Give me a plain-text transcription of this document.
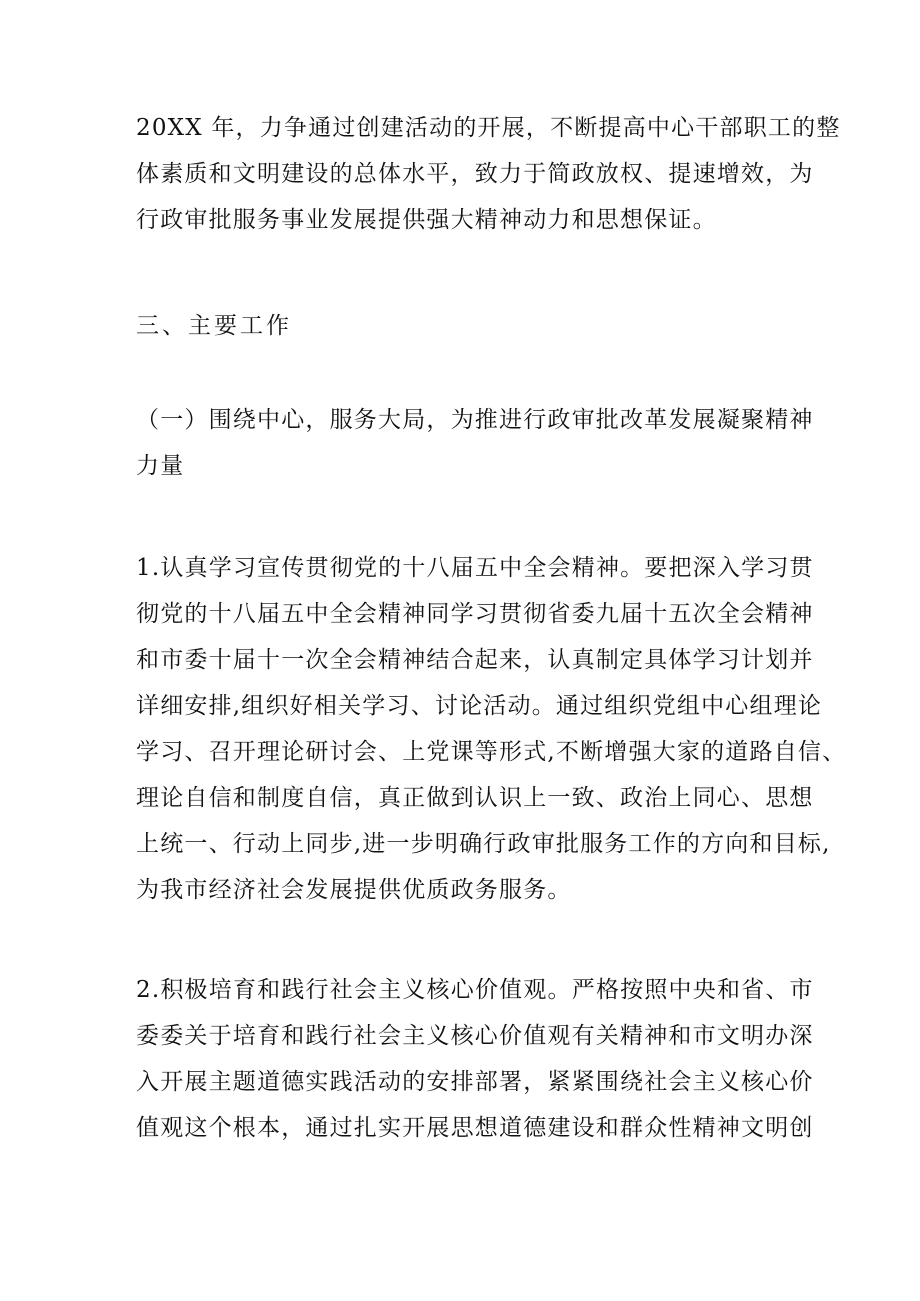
20XX 年，力争通过创建活动的开展，不断提高中心干部职工的整
体素质和文明建设的总体水平，致力于简政放权、提速增效，为
行政审批服务事业发展提供强大精神动力和思想保证。

三、主要工作

（一）围绕中心，服务大局，为推进行政审批改革发展凝聚精神
力量

1.认真学习宣传贯彻党的十八届五中全会精神。要把深入学习贯
彻党的十八届五中全会精神同学习贯彻省委九届十五次全会精神
和市委十届十一次全会精神结合起来，认真制定具体学习计划并
详细安排,组织好相关学习、讨论活动。通过组织党组中心组理论
学习、召开理论研讨会、上党课等形式,不断增强大家的道路自信、
理论自信和制度自信，真正做到认识上一致、政治上同心、思想
上统一、行动上同步,进一步明确行政审批服务工作的方向和目标,
为我市经济社会发展提供优质政务服务。

2.积极培育和践行社会主义核心价值观。严格按照中央和省、市
委委关于培育和践行社会主义核心价值观有关精神和市文明办深
入开展主题道德实践活动的安排部署，紧紧围绕社会主义核心价
值观这个根本，通过扎实开展思想道德建设和群众性精神文明创
